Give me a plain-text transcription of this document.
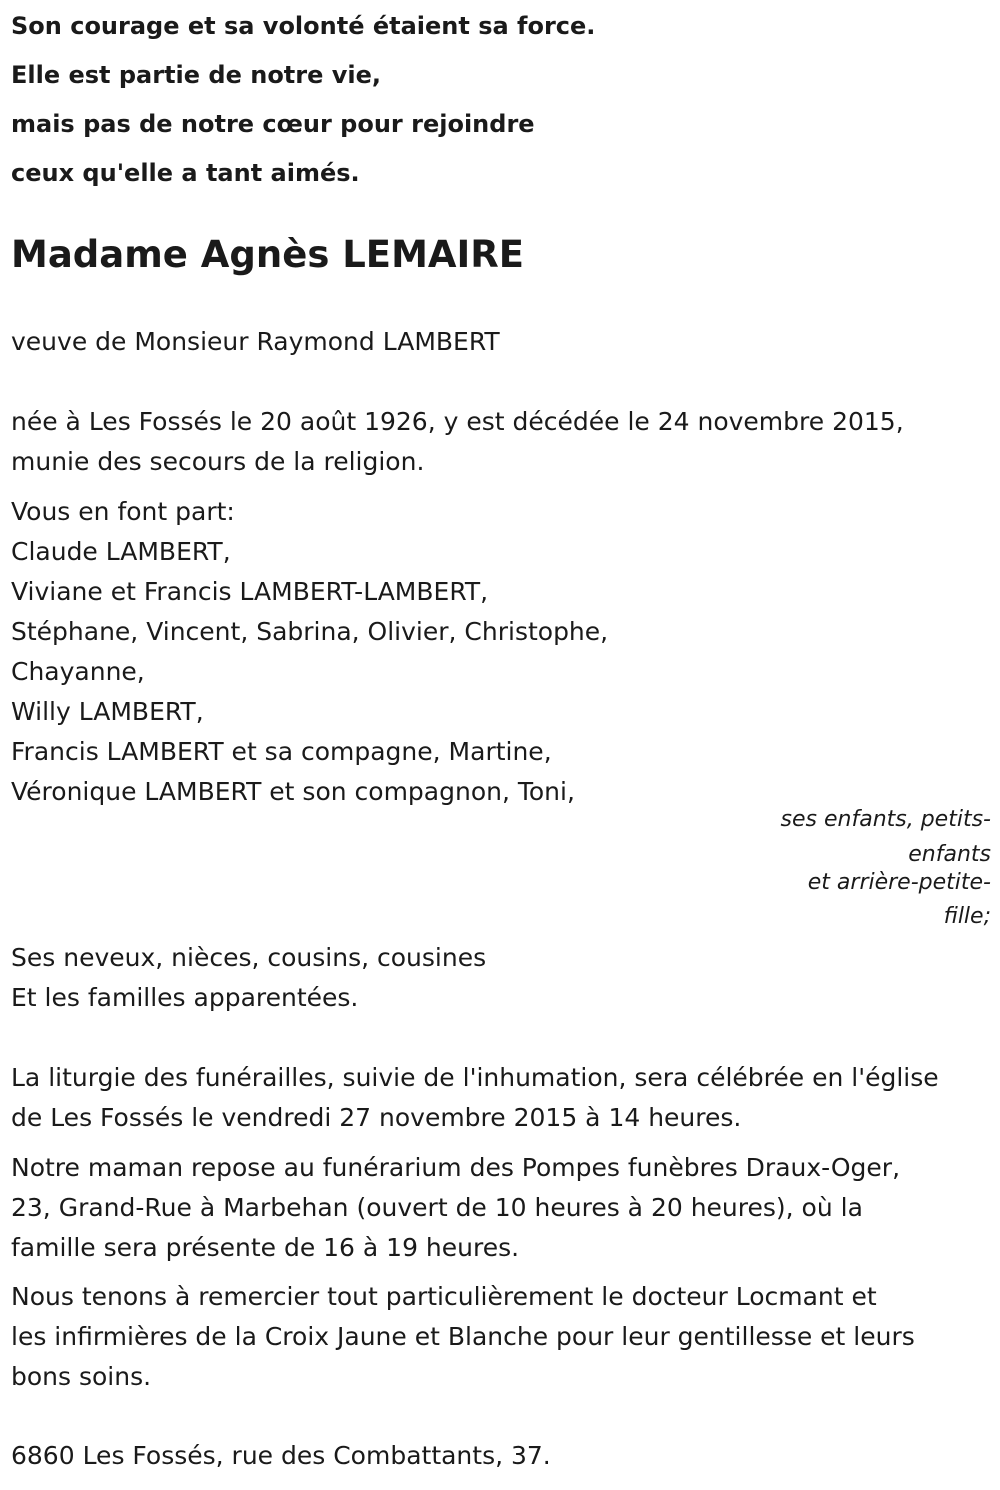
Son courage et sa volonté étaient sa force.
Elle est partie de notre vie,
mais pas de notre cœur pour rejoindre
ceux qu'elle a tant aimés.
Madame Agnès LEMAIRE
veuve de Monsieur Raymond LAMBERT
née à Les Fossés le 20 août 1926, y est décédée le 24 novembre 2015,
munie des secours de la religion.
Vous en font part:
Claude LAMBERT,
Viviane et Francis LAMBERT-LAMBERT,
Stéphane, Vincent, Sabrina, Olivier, Christophe,
Chayanne,
Willy LAMBERT,
Francis LAMBERT et sa compagne, Martine,
Véronique LAMBERT et son compagnon, Toni,
ses enfants, petits-
enfants
et arrière-petite-
fille;
Ses neveux, nièces, cousins, cousines
Et les familles apparentées.
La liturgie des funérailles, suivie de l'inhumation, sera célébrée en l'église
de Les Fossés le vendredi 27 novembre 2015 à 14 heures.
Notre maman repose au funérarium des Pompes funèbres Draux-Oger,
23, Grand-Rue à Marbehan (ouvert de 10 heures à 20 heures), où la
famille sera présente de 16 à 19 heures.
Nous tenons à remercier tout particulièrement le docteur Locmant et
les infirmières de la Croix Jaune et Blanche pour leur gentillesse et leurs
bons soins.
6860 Les Fossés, rue des Combattants, 37.
